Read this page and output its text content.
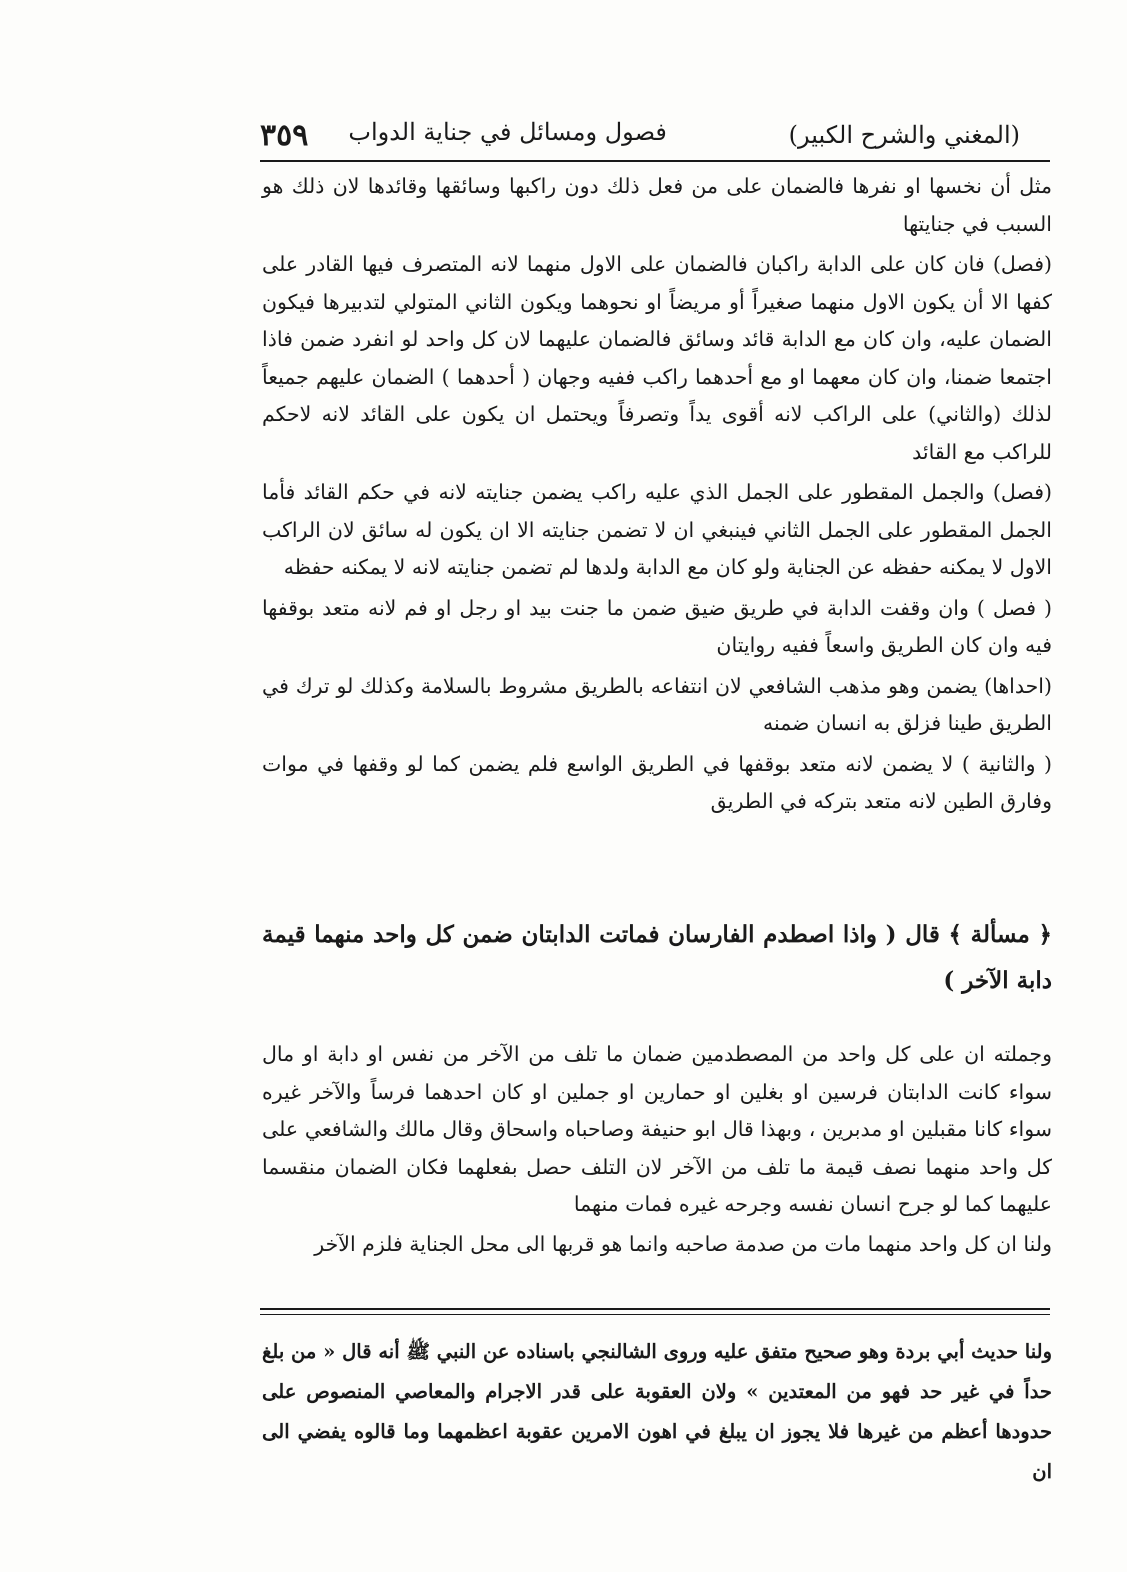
(المغني والشرح الكبير)
فصول ومسائل في جناية الدواب
٣٥٩

مثل أن نخسها او نفرها فالضمان على من فعل ذلك دون راكبها وسائقها وقائدها لان ذلك هو السبب في جنايتها

(فصل) فان كان على الدابة راكبان فالضمان على الاول منهما لانه المتصرف فيها القادر على كفها الا أن يكون الاول منهما صغيراً أو مريضاً او نحوهما ويكون الثاني المتولي لتدبيرها فيكون الضمان عليه، وان كان مع الدابة قائد وسائق فالضمان عليهما لان كل واحد لو انفرد ضمن فاذا اجتمعا ضمنا، وان كان معهما او مع أحدهما راكب ففيه وجهان ( أحدهما ) الضمان عليهم جميعاً لذلك (والثاني) على الراكب لانه أقوى يداً وتصرفاً ويحتمل ان يكون على القائد لانه لاحكم للراكب مع القائد

(فصل) والجمل المقطور على الجمل الذي عليه راكب يضمن جنايته لانه في حكم القائد فأما الجمل المقطور على الجمل الثاني فينبغي ان لا تضمن جنايته الا ان يكون له سائق لان الراكب الاول لا يمكنه حفظه عن الجناية ولو كان مع الدابة ولدها لم تضمن جنايته لانه لا يمكنه حفظه

( فصل ) وان وقفت الدابة في طريق ضيق ضمن ما جنت بيد او رجل او فم لانه متعد بوقفها فيه وان كان الطريق واسعاً ففيه روايتان

(احداها) يضمن وهو مذهب الشافعي لان انتفاعه بالطريق مشروط بالسلامة وكذلك لو ترك في الطريق طينا فزلق به انسان ضمنه

( والثانية ) لا يضمن لانه متعد بوقفها في الطريق الواسع فلم يضمن كما لو وقفها في موات وفارق الطين لانه متعد بتركه في الطريق

﴿ مسألة ﴾ قال ( واذا اصطدم الفارسان فماتت الدابتان ضمن كل واحد منهما قيمة دابة الآخر )

وجملته ان على كل واحد من المصطدمين ضمان ما تلف من الآخر من نفس او دابة او مال سواء كانت الدابتان فرسين او بغلين او حمارين او جملين او كان احدهما فرساً والآخر غيره سواء كانا مقبلين او مدبرين ، وبهذا قال ابو حنيفة وصاحباه واسحاق وقال مالك والشافعي على كل واحد منهما نصف قيمة ما تلف من الآخر لان التلف حصل بفعلهما فكان الضمان منقسما عليهما كما لو جرح انسان نفسه وجرحه غيره فمات منهما

ولنا ان كل واحد منهما مات من صدمة صاحبه وانما هو قربها الى محل الجناية فلزم الآخر

ولنا حديث أبي بردة وهو صحيح متفق عليه وروى الشالنجي باسناده عن النبي ﷺ أنه قال « من بلغ حداً في غير حد فهو من المعتدين » ولان العقوبة على قدر الاجرام والمعاصي المنصوص على حدودها أعظم من غيرها فلا يجوز ان يبلغ في اهون الامرين عقوبة اعظمهما وما قالوه يفضي الى ان
